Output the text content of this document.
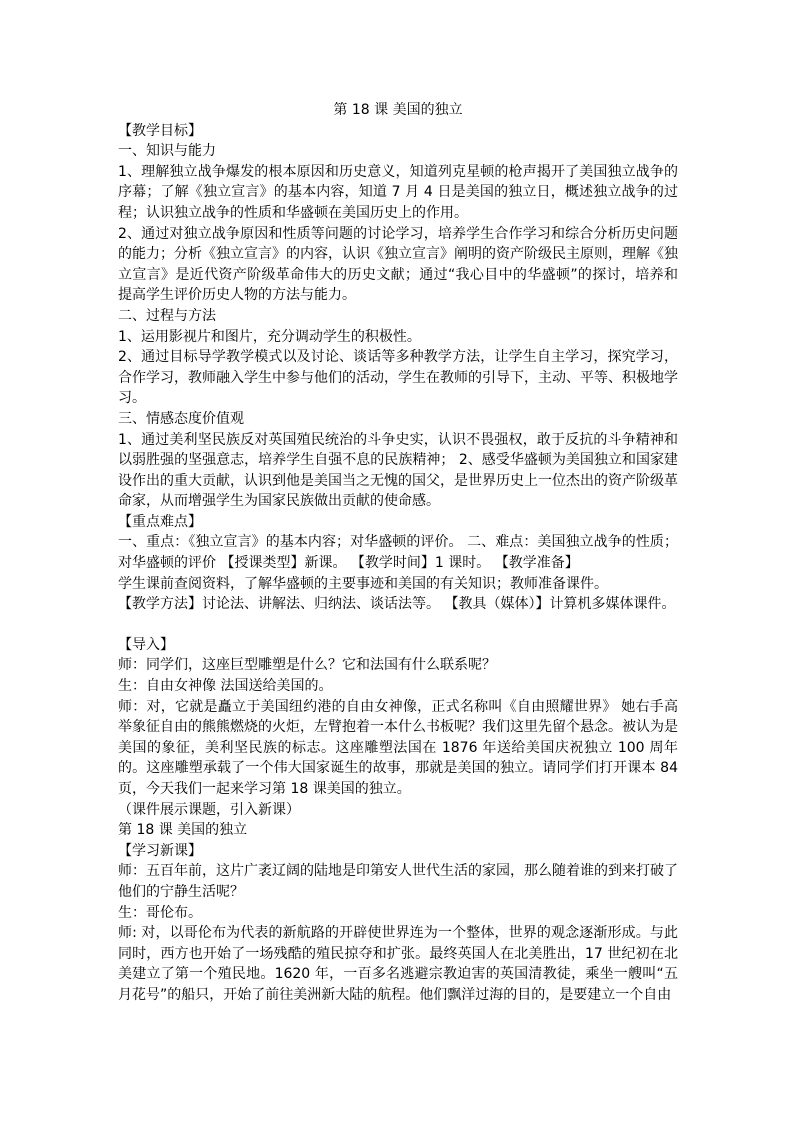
第 18 课 美国的独立

【教学目标】

一、知识与能力

1、理解独立战争爆发的根本原因和历史意义，知道列克星顿的枪声揭开了美国独立战争的序幕；了解《独立宣言》的基本内容，知道 7 月 4 日是美国的独立日，概述独立战争的过程；认识独立战争的性质和华盛顿在美国历史上的作用。

2、通过对独立战争原因和性质等问题的讨论学习，培养学生合作学习和综合分析历史问题的能力；分析《独立宣言》的内容，认识《独立宣言》阐明的资产阶级民主原则，理解《独立宣言》是近代资产阶级革命伟大的历史文献；通过“我心目中的华盛顿”的探讨，培养和提高学生评价历史人物的方法与能力。

二、过程与方法

1、运用影视片和图片，充分调动学生的积极性。

2、通过目标导学教学模式以及讨论、谈话等多种教学方法，让学生自主学习，探究学习，合作学习，教师融入学生中参与他们的活动，学生在教师的引导下，主动、平等、积极地学习。

三、情感态度价值观

1、通过美利坚民族反对英国殖民统治的斗争史实，认识不畏强权，敢于反抗的斗争精神和以弱胜强的坚强意志，培养学生自强不息的民族精神； 2、感受华盛顿为美国独立和国家建设作出的重大贡献，认识到他是美国当之无愧的国父，是世界历史上一位杰出的资产阶级革命家，从而增强学生为国家民族做出贡献的使命感。

【重点难点】

一、重点：《独立宣言》的基本内容；对华盛顿的评价。 二、难点：美国独立战争的性质；对华盛顿的评价 【授课类型】新课。 【教学时间】1 课时。 【教学准备】

学生课前查阅资料，了解华盛顿的主要事迹和美国的有关知识；教师准备课件。

【教学方法】讨论法、讲解法、归纳法、谈话法等。 【教具（媒体）】计算机多媒体课件。

【导入】

师：同学们，这座巨型雕塑是什么？它和法国有什么联系呢？

生：自由女神像 法国送给美国的。

师：对，它就是矗立于美国纽约港的自由女神像，正式名称叫《自由照耀世界》 她右手高举象征自由的熊熊燃烧的火炬，左臂抱着一本什么书板呢？我们这里先留个悬念。被认为是美国的象征，美利坚民族的标志。这座雕塑法国在 1876 年送给美国庆祝独立 100 周年的。这座雕塑承载了一个伟大国家诞生的故事，那就是美国的独立。请同学们打开课本 84 页，今天我们一起来学习第 18 课美国的独立。

（课件展示课题，引入新课）

第 18 课 美国的独立

【学习新课】

师：五百年前，这片广袤辽阔的陆地是印第安人世代生活的家园，那么随着谁的到来打破了他们的宁静生活呢？

生：哥伦布。

师: 对，以哥伦布为代表的新航路的开辟使世界连为一个整体，世界的观念逐渐形成。与此同时，西方也开始了一场残酷的殖民掠夺和扩张。最终英国人在北美胜出，17 世纪初在北美建立了第一个殖民地。1620 年，一百多名逃避宗教迫害的英国清教徒，乘坐一艘叫“五月花号”的船只，开始了前往美洲新大陆的航程。他们飘洋过海的目的，是要建立一个自由
